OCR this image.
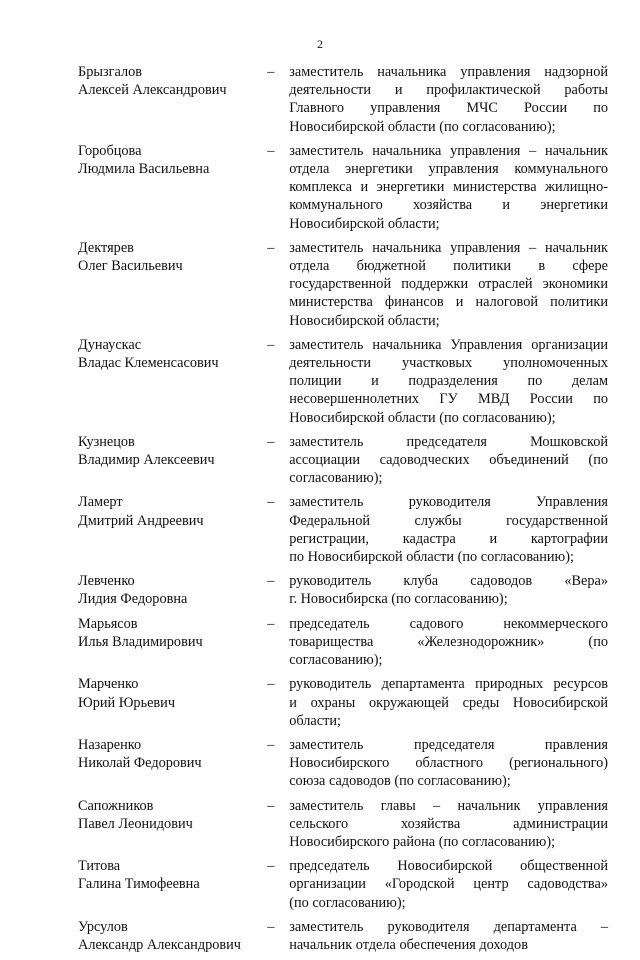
2
Брызгалов
Алексей Александрович
–	заместитель начальника управления надзорной
деятельности и профилактической работы
Главного управления МЧС России по
Новосибирской области (по согласованию);
Горобцова
Людмила Васильевна
–	заместитель начальника управления – начальник
отдела энергетики управления коммунального
комплекса и энергетики министерства жилищно-
коммунального хозяйства и энергетики
Новосибирской области;
Дектярев
Олег Васильевич
–	заместитель начальника управления – начальник
отдела бюджетной политики в сфере
государственной поддержки отраслей экономики
министерства финансов и налоговой политики
Новосибирской области;
Дунаускас
Владас Клеменсасович
–	заместитель начальника Управления организации
деятельности участковых уполномоченных
полиции и подразделения по делам
несовершеннолетних ГУ МВД России по
Новосибирской области (по согласованию);
Кузнецов
Владимир Алексеевич
–	заместитель председателя Мошковской
ассоциации садоводческих объединений (по
согласованию);
Ламерт
Дмитрий Андреевич
–	заместитель руководителя Управления
Федеральной службы государственной
регистрации, кадастра и картографии
по Новосибирской области (по согласованию);
Левченко
Лидия Федоровна
–	руководитель клуба садоводов «Вера»
г. Новосибирска (по согласованию);
Марьясов
Илья Владимирович
–	председатель садового некоммерческого
товарищества «Железнодорожник» (по
согласованию);
Марченко
Юрий Юрьевич
–	руководитель департамента природных ресурсов
и охраны окружающей среды Новосибирской
области;
Назаренко
Николай Федорович
–	заместитель председателя правления
Новосибирского областного (регионального)
союза садоводов (по согласованию);
Сапожников
Павел Леонидович
–	заместитель главы – начальник управления
сельского хозяйства администрации
Новосибирского района (по согласованию);
Титова
Галина Тимофеевна
–	председатель Новосибирской общественной
организации «Городской центр садоводства»
(по согласованию);
Урсулов
Александр Александрович
–	заместитель руководителя департамента –
начальник отдела обеспечения доходов
